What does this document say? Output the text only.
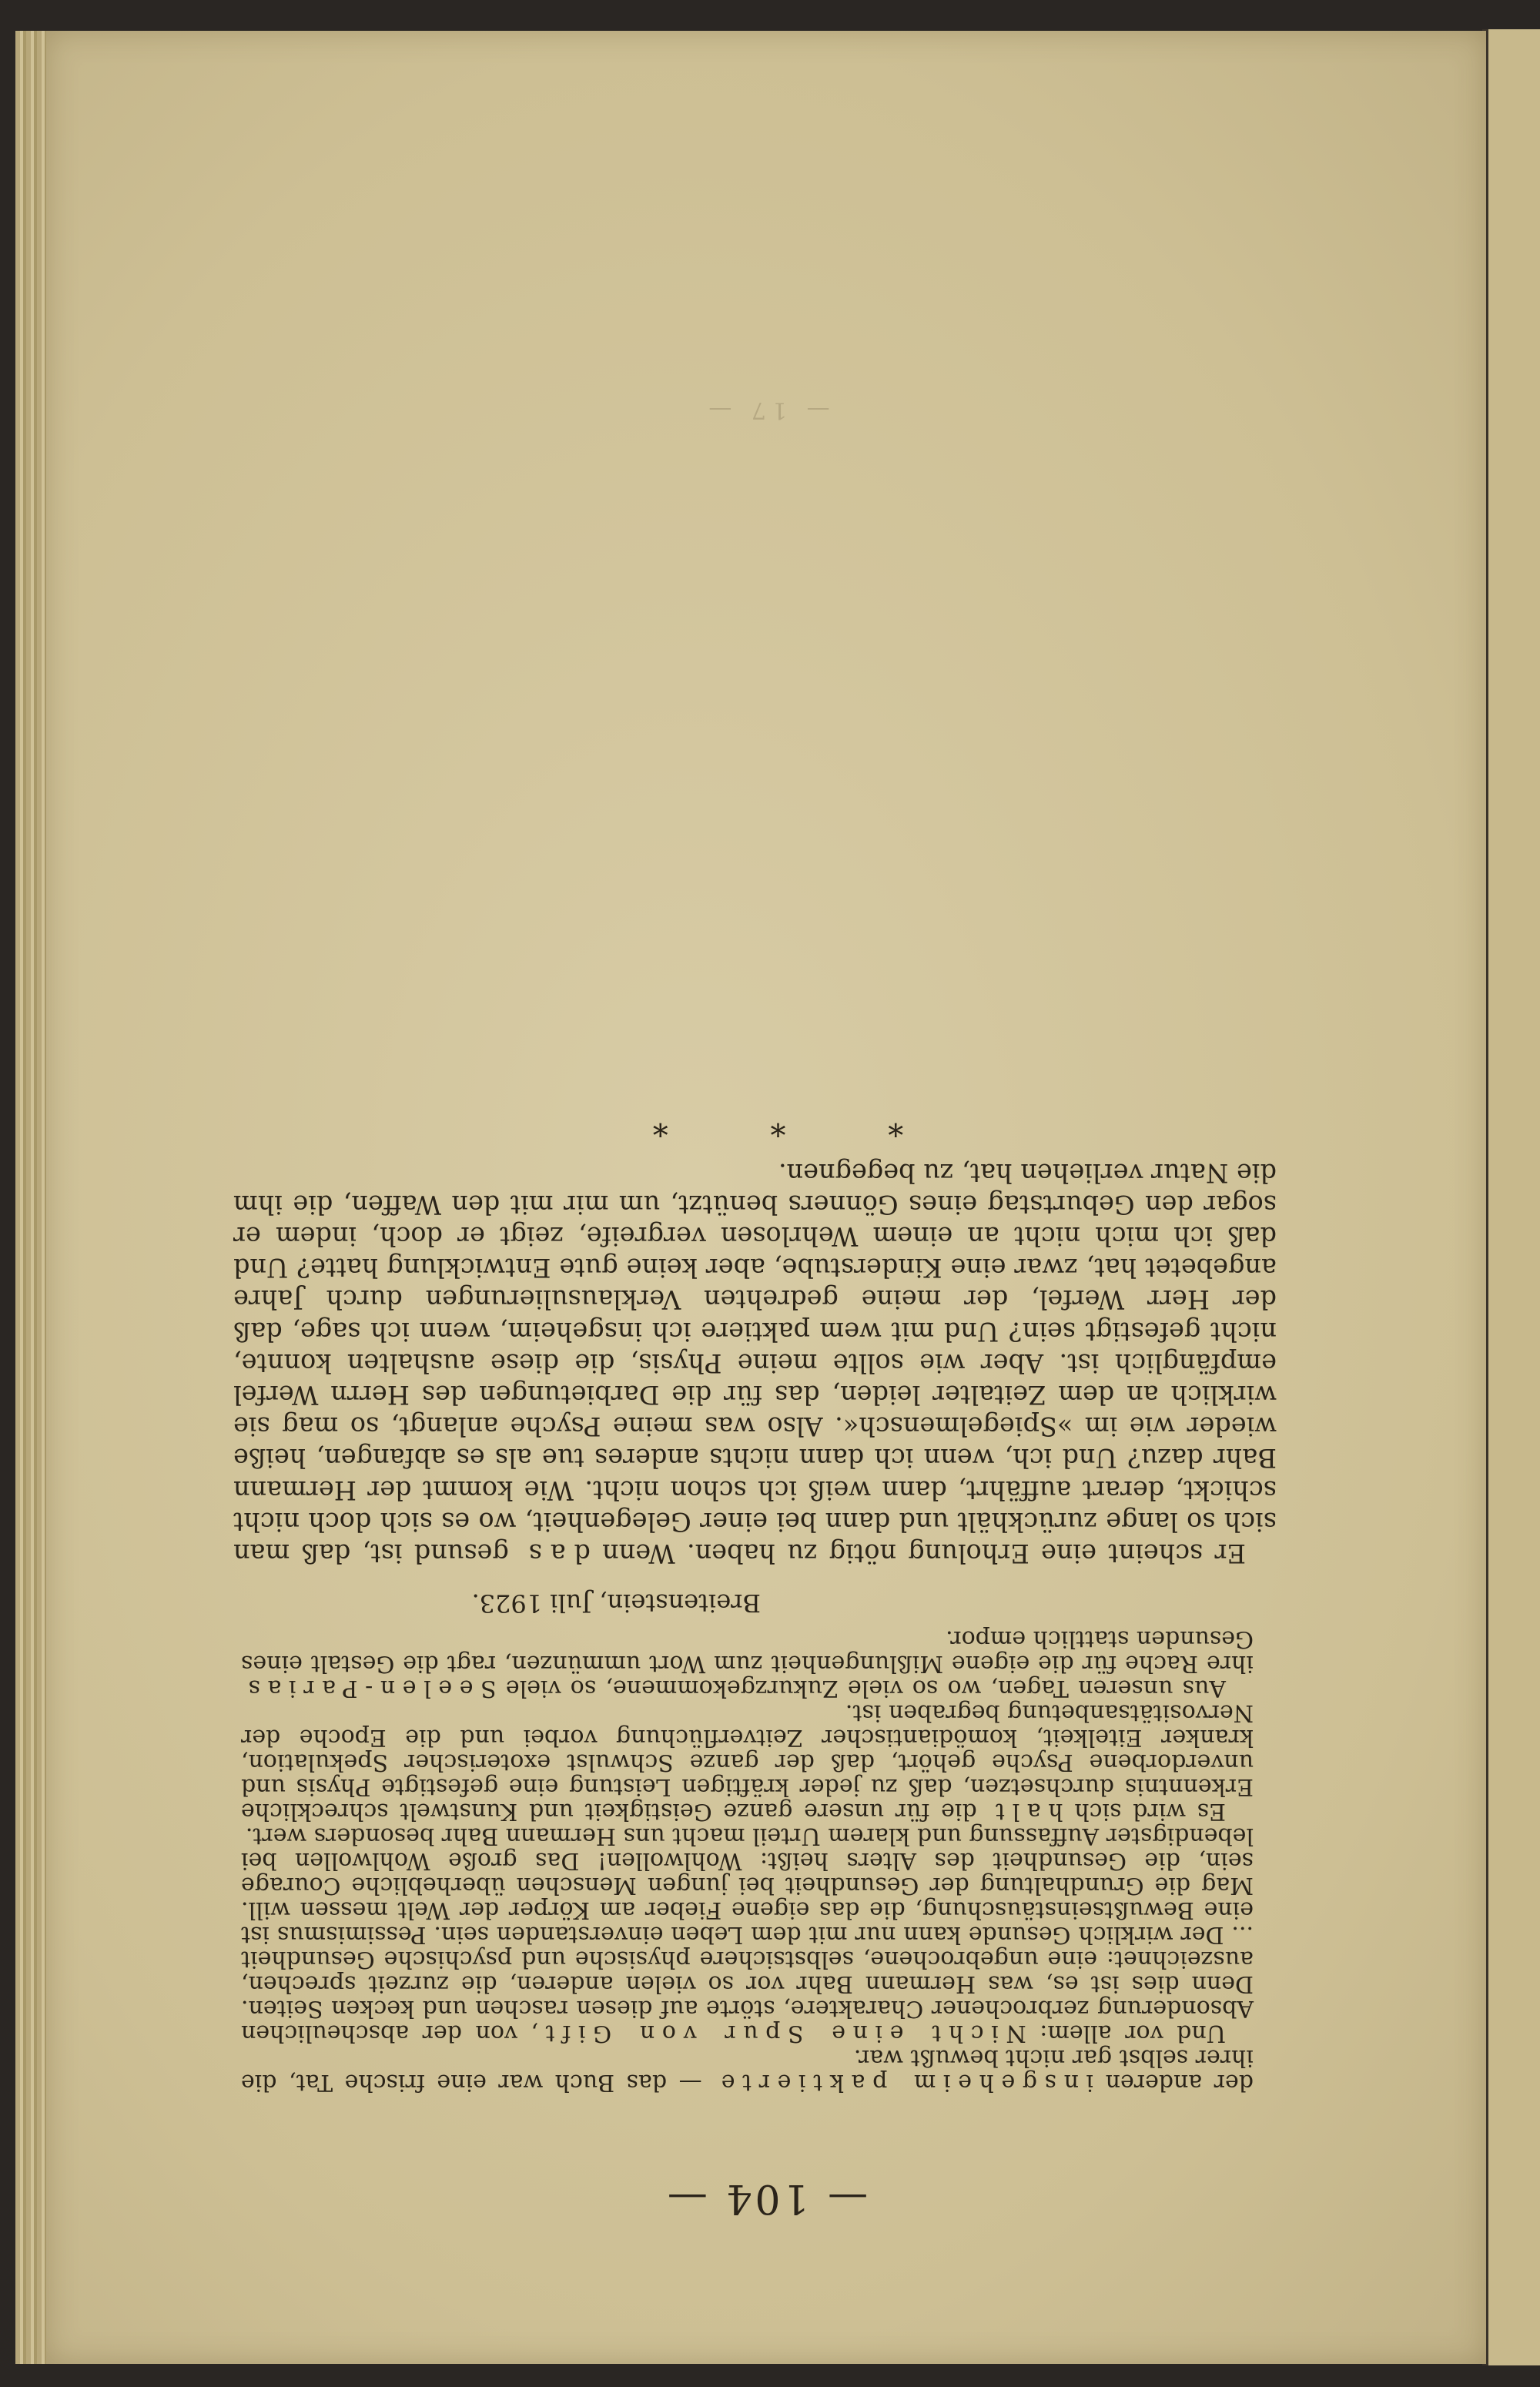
— 104 —

der anderen insgeheim paktierte — das Buch war eine frische Tat, die ihrer selbst gar nicht bewußt war.

Und vor allem: Nicht eine Spur von Gift, von der abscheulichen Absonderung zerbrochener Charaktere, störte auf diesen raschen und kecken Seiten. Denn dies ist es, was Hermann Bahr vor so vielen anderen, die zurzeit sprechen, auszeichnet: eine ungebrochene, selbstsichere physische und psychische Gesundheit ... Der wirklich Gesunde kann nur mit dem Leben einverstanden sein. Pessimismus ist eine Bewußtseinstäuschung, die das eigene Fieber am Körper der Welt messen will. Mag die Grundhaltung der Gesundheit bei jungen Menschen überhebliche Courage sein, die Gesundheit des Alters heißt: Wohlwollen! Das große Wohlwollen bei lebendigster Auffassung und klarem Urteil macht uns Hermann Bahr besonders wert.

Es wird sich halt die für unsere ganze Geistigkeit und Kunstwelt schreckliche Erkenntnis durchsetzen, daß zu jeder kräftigen Leistung eine gefestigte Physis und unverdorbene Psyche gehört, daß der ganze Schwulst exoterischer Spekulation, kranker Eitelkeit, komödiantischer Zeitverflüchung vorbei und die Epoche der Nervositätsanbetung begraben ist.

Aus unseren Tagen, wo so viele Zukurzgekommene, so viele Seelen-Parias ihre Rache für die eigene Mißlungenheit zum Wort ummünzen, ragt die Gestalt eines Gesunden stattlich empor.

Breitenstein, Juli 1923.

Er scheint eine Erholung nötig zu haben. Wenn das gesund ist, daß man sich so lange zurückhält und dann bei einer Gelegenheit, wo es sich doch nicht schickt, derart auffährt, dann weiß ich schon nicht. Wie kommt der Hermann Bahr dazu? Und ich, wenn ich dann nichts anderes tue als es abfangen, heiße wieder wie im »Spiegelmensch«. Also was meine Psyche anlangt, so mag sie wirklich an dem Zeitalter leiden, das für die Darbietungen des Herrn Werfel empfänglich ist. Aber wie sollte meine Physis, die diese aushalten konnte, nicht gefestigt sein? Und mit wem paktiere ich insgeheim, wenn ich sage, daß der Herr Werfel, der meine gedrehten Verklausulierungen durch Jahre angebetet hat, zwar eine Kinderstube, aber keine gute Entwicklung hatte? Und daß ich mich nicht an einem Wehrlosen vergreife, zeigt er doch, indem er sogar den Geburtstag eines Gönners benützt, um mir mit den Waffen, die ihm die Natur verliehen hat, zu begegnen.

* * *
— 17 —
